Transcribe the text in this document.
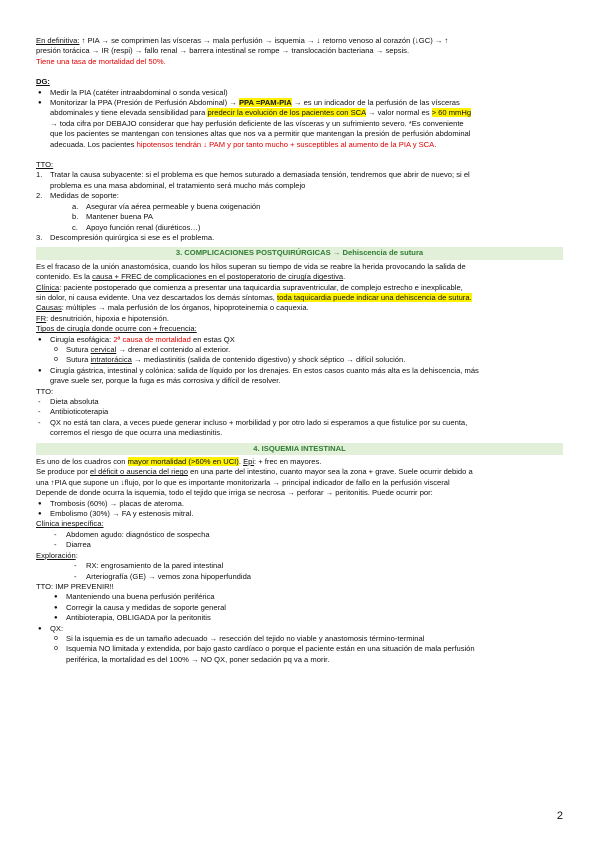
En definitiva: ↑ PIA → se comprimen las vísceras → mala perfusión → isquemia → ↓ retorno venoso al corazón (↓GC) → ↑

presión torácica → IR (respi) → fallo renal → barrera intestinal se rompe → translocación bacteriana → sepsis.

Tiene una tasa de mortalidad del 50%.

DG:

● Medir la PIA (catéter intraabdominal o sonda vesical)
● Monitorizar la PPA (Presión de Perfusión Abdominal) → PPA =PAM-PIA → es un indicador de la perfusión de las vísceras
abdominales y tiene elevada sensibilidad para predecir la evolución de los pacientes con SCA → valor normal es > 60 mmHg
→ toda cifra por DEBAJO considerar que hay perfusión deficiente de las vísceras y un sufrimiento severo. *Es conveniente
que los pacientes se mantengan con tensiones altas que nos va a permitir que mantengan la presión de perfusión abdominal
adecuada. Los pacientes hipotensos tendrán ↓ PAM y por tanto mucho + susceptibles al aumento de la PIA y SCA.

TTO:

1. Tratar la causa subyacente: si el problema es que hemos suturado a demasiada tensión, tendremos que abrir de nuevo; si el
problema es una masa abdominal, el tratamiento será mucho más complejo
2. Medidas de soporte:
a. Asegurar vía aérea permeable y buena oxigenación
b. Mantener buena PA
c. Apoyo función renal (diuréticos…)
3. Descompresión quirúrgica si ese es el problema.
3. COMPLICACIONES POSTQUIRÚRGICAS → Dehiscencia de sutura
Es el fracaso de la unión anastomósica, cuando los hilos superan su tiempo de vida se reabre la herida provocando la salida de
contenido. Es la causa + FREC de complicaciones en el postoperatorio de cirugía digestiva.
Clínica: paciente postoperado que comienza a presentar una taquicardia supraventricular, de complejo estrecho e inexplicable,
sin dolor, ni causa evidente. Una vez descartados los demás síntomas, toda taquicardia puede indicar una dehiscencia de sutura.

Causas: múltiples → mala perfusión de los órganos, hipoproteinemia o caquexia.

FR: desnutrición, hipoxia e hipotensión.

Tipos de cirugía donde ocurre con + frecuencia:

● Cirugía esofágica: 2ª causa de mortalidad en estas QX
o Sutura cervical → drenar el contenido al exterior.
o Sutura intratorácica → mediastinitis (salida de contenido digestivo) y shock séptico → difícil solución.
● Cirugía gástrica, intestinal y colónica: salida de líquido por los drenajes. En estos casos cuanto más alta es la dehiscencia, más
grave suele ser, porque la fuga es más corrosiva y difícil de resolver.

TTO:

- Dieta absoluta
- Antibioticoterapia
- QX no está tan clara, a veces puede generar incluso + morbilidad y por otro lado si esperamos a que fistulice por su cuenta,
corremos el riesgo de que ocurra una mediastinitis.
4. ISQUEMIA INTESTINAL

Es uno de los cuadros con mayor mortalidad (>60% en UCI). Epi: + frec en mayores.

Se produce por el déficit o ausencia del riego en una parte del intestino, cuanto mayor sea la zona + grave. Suele ocurrir debido a
una ↑PIA que supone un ↓flujo, por lo que es importante monitorizarla → principal indicador de fallo en la perfusión visceral
Depende de donde ocurra la isquemia, todo el tejido que irriga se necrosa → perforar → peritonitis. Puede ocurrir por:
● Trombosis (60%) → placas de ateroma.
● Embolismo (30%) → FA y estenosis mitral.

Clínica inespecífica:

- Abdomen agudo: diagnóstico de sospecha
- Diarrea

Exploración:

- RX: engrosamiento de la pared intestinal
- Arteriografía (GE) → vemos zona hipoperfundida

TTO: IMP PREVENIR!!

● Manteniendo una buena perfusión periférica
● Corregir la causa y medidas de soporte general
● Antibioterapia, OBLIGADA por la peritonitis
● QX:
o Si la isquemia es de un tamaño adecuado → resección del tejido no viable y anastomosis término-terminal
o Isquemia NO limitada y extendida, por bajo gasto cardíaco o porque el paciente están en una situación de mala perfusión
periférica, la mortalidad es del 100% → NO QX, poner sedación pq va a morir.
2
